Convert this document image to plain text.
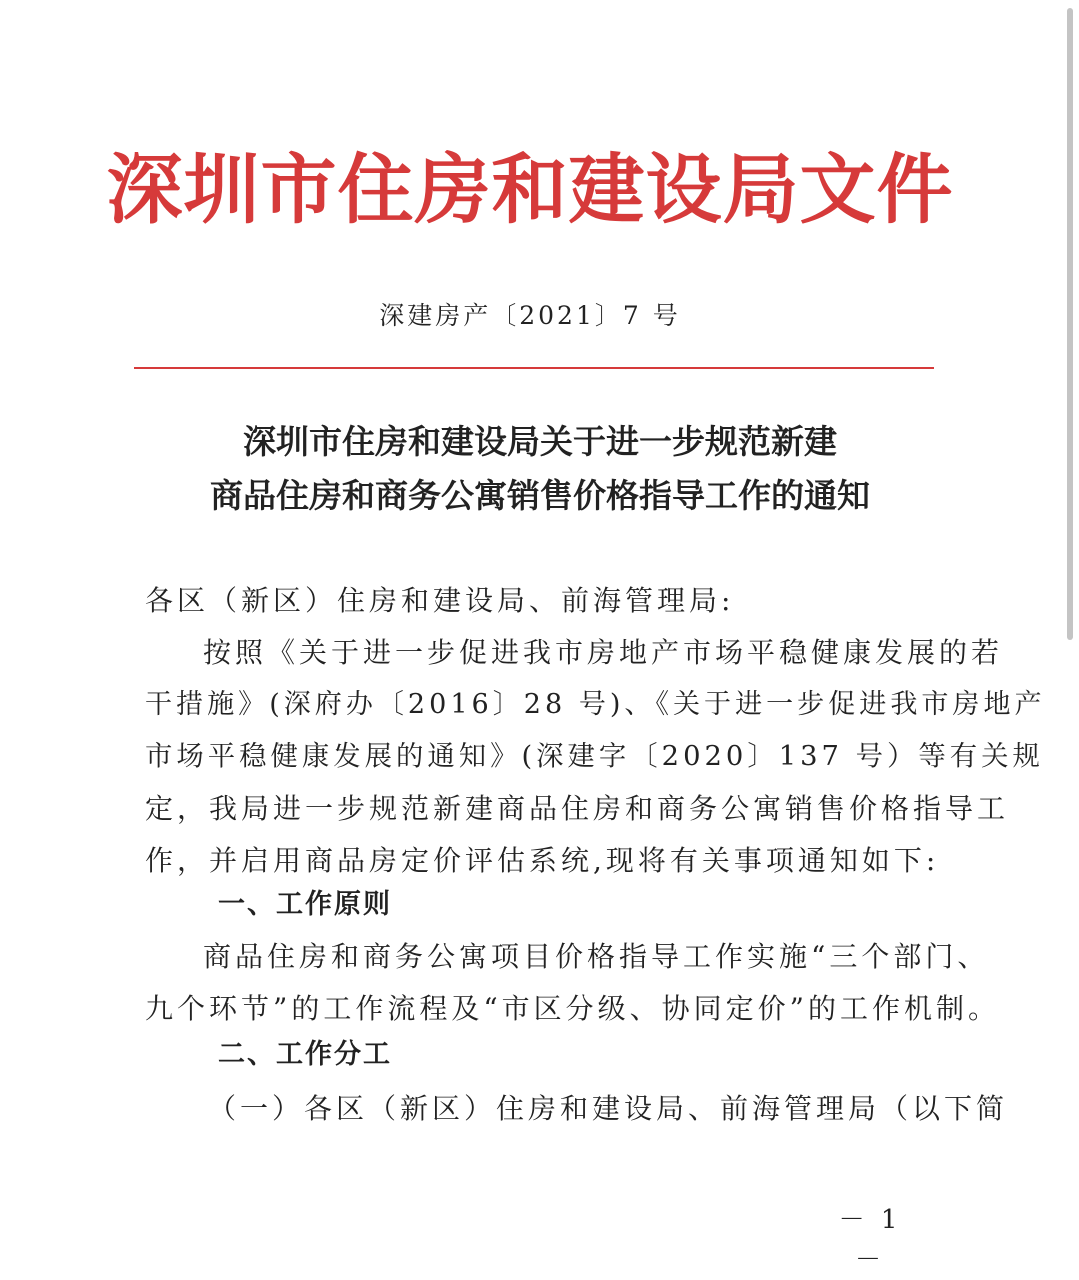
深圳市住房和建设局文件
深建房产〔2021〕7 号
深圳市住房和建设局关于进一步规范新建
商品住房和商务公寓销售价格指导工作的通知
各区（新区）住房和建设局、前海管理局:
按照《关于进一步促进我市房地产市场平稳健康发展的若
干措施》(深府办〔2016〕28 号)、《关于进一步促进我市房地产
市场平稳健康发展的通知》(深建字〔2020〕137 号）等有关规
定，我局进一步规范新建商品住房和商务公寓销售价格指导工
作，并启用商品房定价评估系统,现将有关事项通知如下:
一、工作原则
商品住房和商务公寓项目价格指导工作实施“三个部门、
九个环节”的工作流程及“市区分级、协同定价”的工作机制。
二、工作分工
（一）各区（新区）住房和建设局、前海管理局（以下简
－ 1 －
